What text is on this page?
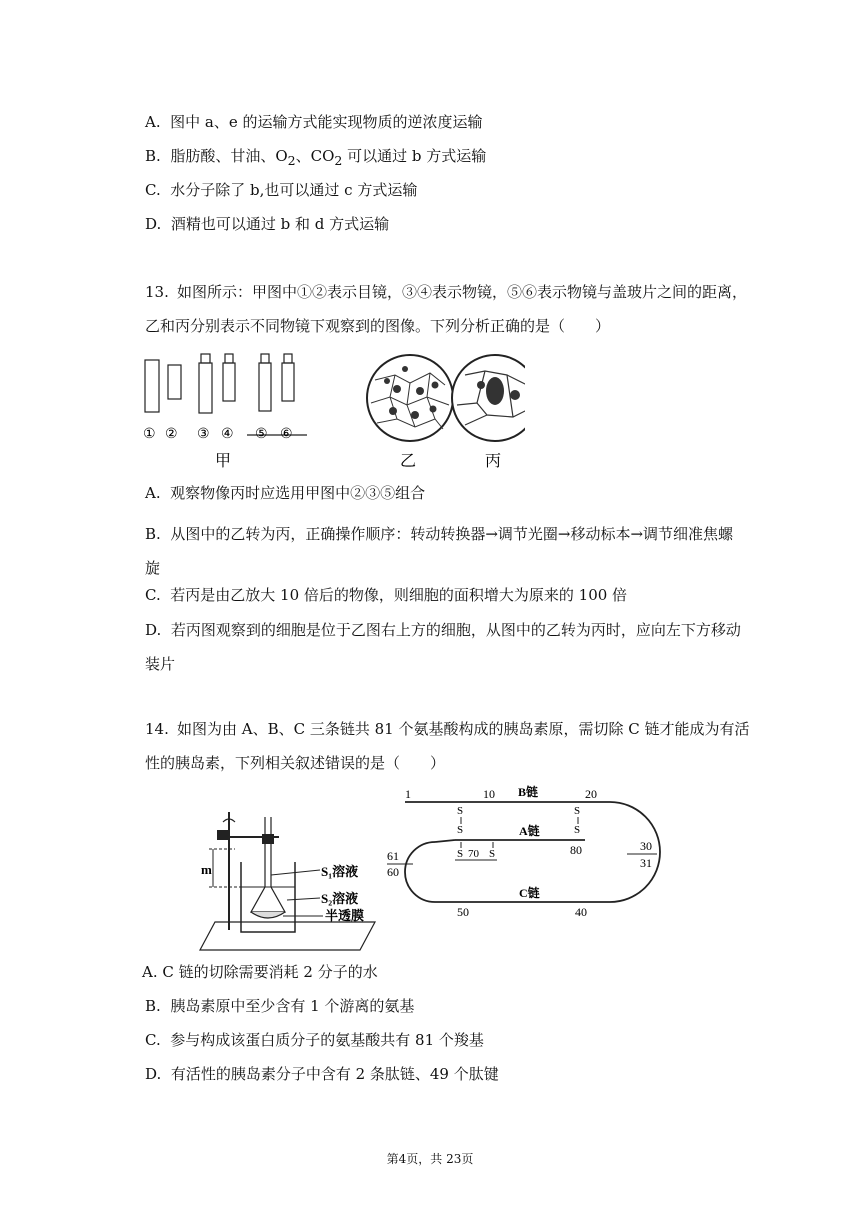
A. 图中 a、e 的运输方式能实现物质的逆浓度运输
B. 脂肪酸、甘油、$O_2$、$CO_2$ 可以通过 b 方式运输
C. 水分子除了 b,也可以通过 c 方式运输
D. 酒精也可以通过 b 和 d 方式运输
13. 如图所示：甲图中①②表示目镜，③④表示物镜，⑤⑥表示物镜与盖玻片之间的距离，乙和丙分别表示不同物镜下观察到的图像。下列分析正确的是（　　）
① ② ③ ④ ⑤ ⑥
甲	乙	丙
A. 观察物像丙时应选用甲图中②③⑤组合
B. 从图中的乙转为丙，正确操作顺序：转动转换器→调节光圈→移动标本→调节细准焦螺旋
C. 若丙是由乙放大 10 倍后的物像，则细胞的面积增大为原来的 100 倍
D. 若丙图观察到的细胞是位于乙图右上方的细胞，从图中的乙转为丙时，应向左下方移动装片
14. 如图为由 A、B、C 三条链共 81 个氨基酸构成的胰岛素原，需切除 C 链才能成为有活性的胰岛素，下列相关叙述错误的是（　　）
m	S₁溶液
S₂溶液
半透膜
1	10 B链	20
S
S
S
S
A链
S 70 S	80
C链
61
60
30
31
50	40
A. C 链的切除需要消耗 2 分子的水
B. 胰岛素原中至少含有 1 个游离的氨基
C. 参与构成该蛋白质分子的氨基酸共有 81 个羧基
D. 有活性的胰岛素分子中含有 2 条肽链、49 个肽键
第4页，共 23页
